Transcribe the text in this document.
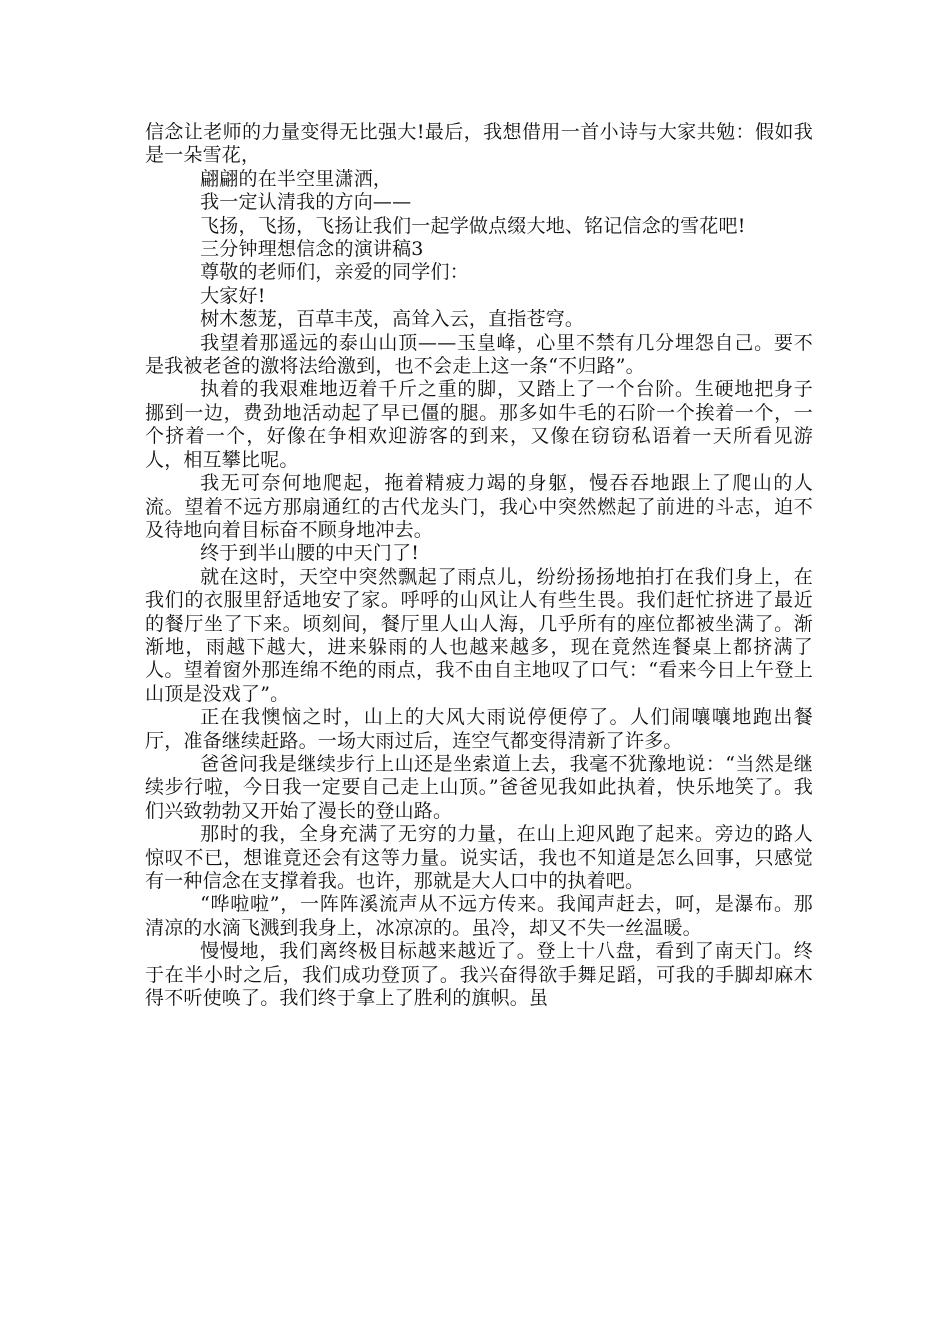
信念让老师的力量变得无比强大!最后，我想借用一首小诗与大家共勉：假如我是一朵雪花，

翩翩的在半空里潇洒，

我一定认清我的方向——

飞扬，飞扬，飞扬让我们一起学做点缀大地、铭记信念的雪花吧!

三分钟理想信念的演讲稿3

尊敬的老师们，亲爱的同学们：

大家好!

树木葱茏，百草丰茂，高耸入云，直指苍穹。

我望着那遥远的泰山山顶——玉皇峰，心里不禁有几分埋怨自己。要不是我被老爸的激将法给激到，也不会走上这一条“不归路”。

执着的我艰难地迈着千斤之重的脚，又踏上了一个台阶。生硬地把身子挪到一边，费劲地活动起了早已僵的腿。那多如牛毛的石阶一个挨着一个，一个挤着一个，好像在争相欢迎游客的到来，又像在窃窃私语着一天所看见游人，相互攀比呢。

我无可奈何地爬起，拖着精疲力竭的身躯，慢吞吞地跟上了爬山的人流。望着不远方那扇通红的古代龙头门，我心中突然燃起了前进的斗志，迫不及待地向着目标奋不顾身地冲去。

终于到半山腰的中天门了!

就在这时，天空中突然飘起了雨点儿，纷纷扬扬地拍打在我们身上，在我们的衣服里舒适地安了家。呼呼的山风让人有些生畏。我们赶忙挤进了最近的餐厅坐了下来。顷刻间，餐厅里人山人海，几乎所有的座位都被坐满了。渐渐地，雨越下越大，进来躲雨的人也越来越多，现在竟然连餐桌上都挤满了人。望着窗外那连绵不绝的雨点，我不由自主地叹了口气：“看来今日上午登上山顶是没戏了”。

正在我懊恼之时，山上的大风大雨说停便停了。人们闹嚷嚷地跑出餐厅，准备继续赶路。一场大雨过后，连空气都变得清新了许多。

爸爸问我是继续步行上山还是坐索道上去，我毫不犹豫地说：“当然是继续步行啦，今日我一定要自己走上山顶。”爸爸见我如此执着，快乐地笑了。我们兴致勃勃又开始了漫长的登山路。

那时的我，全身充满了无穷的力量，在山上迎风跑了起来。旁边的路人惊叹不已，想谁竟还会有这等力量。说实话，我也不知道是怎么回事，只感觉有一种信念在支撑着我。也许，那就是大人口中的执着吧。

“哗啦啦”，一阵阵溪流声从不远方传来。我闻声赶去，呵，是瀑布。那清凉的水滴飞溅到我身上，冰凉凉的。虽冷，却又不失一丝温暖。

慢慢地，我们离终极目标越来越近了。登上十八盘，看到了南天门。终于在半小时之后，我们成功登顶了。我兴奋得欲手舞足蹈，可我的手脚却麻木得不听使唤了。我们终于拿上了胜利的旗帜。虽
